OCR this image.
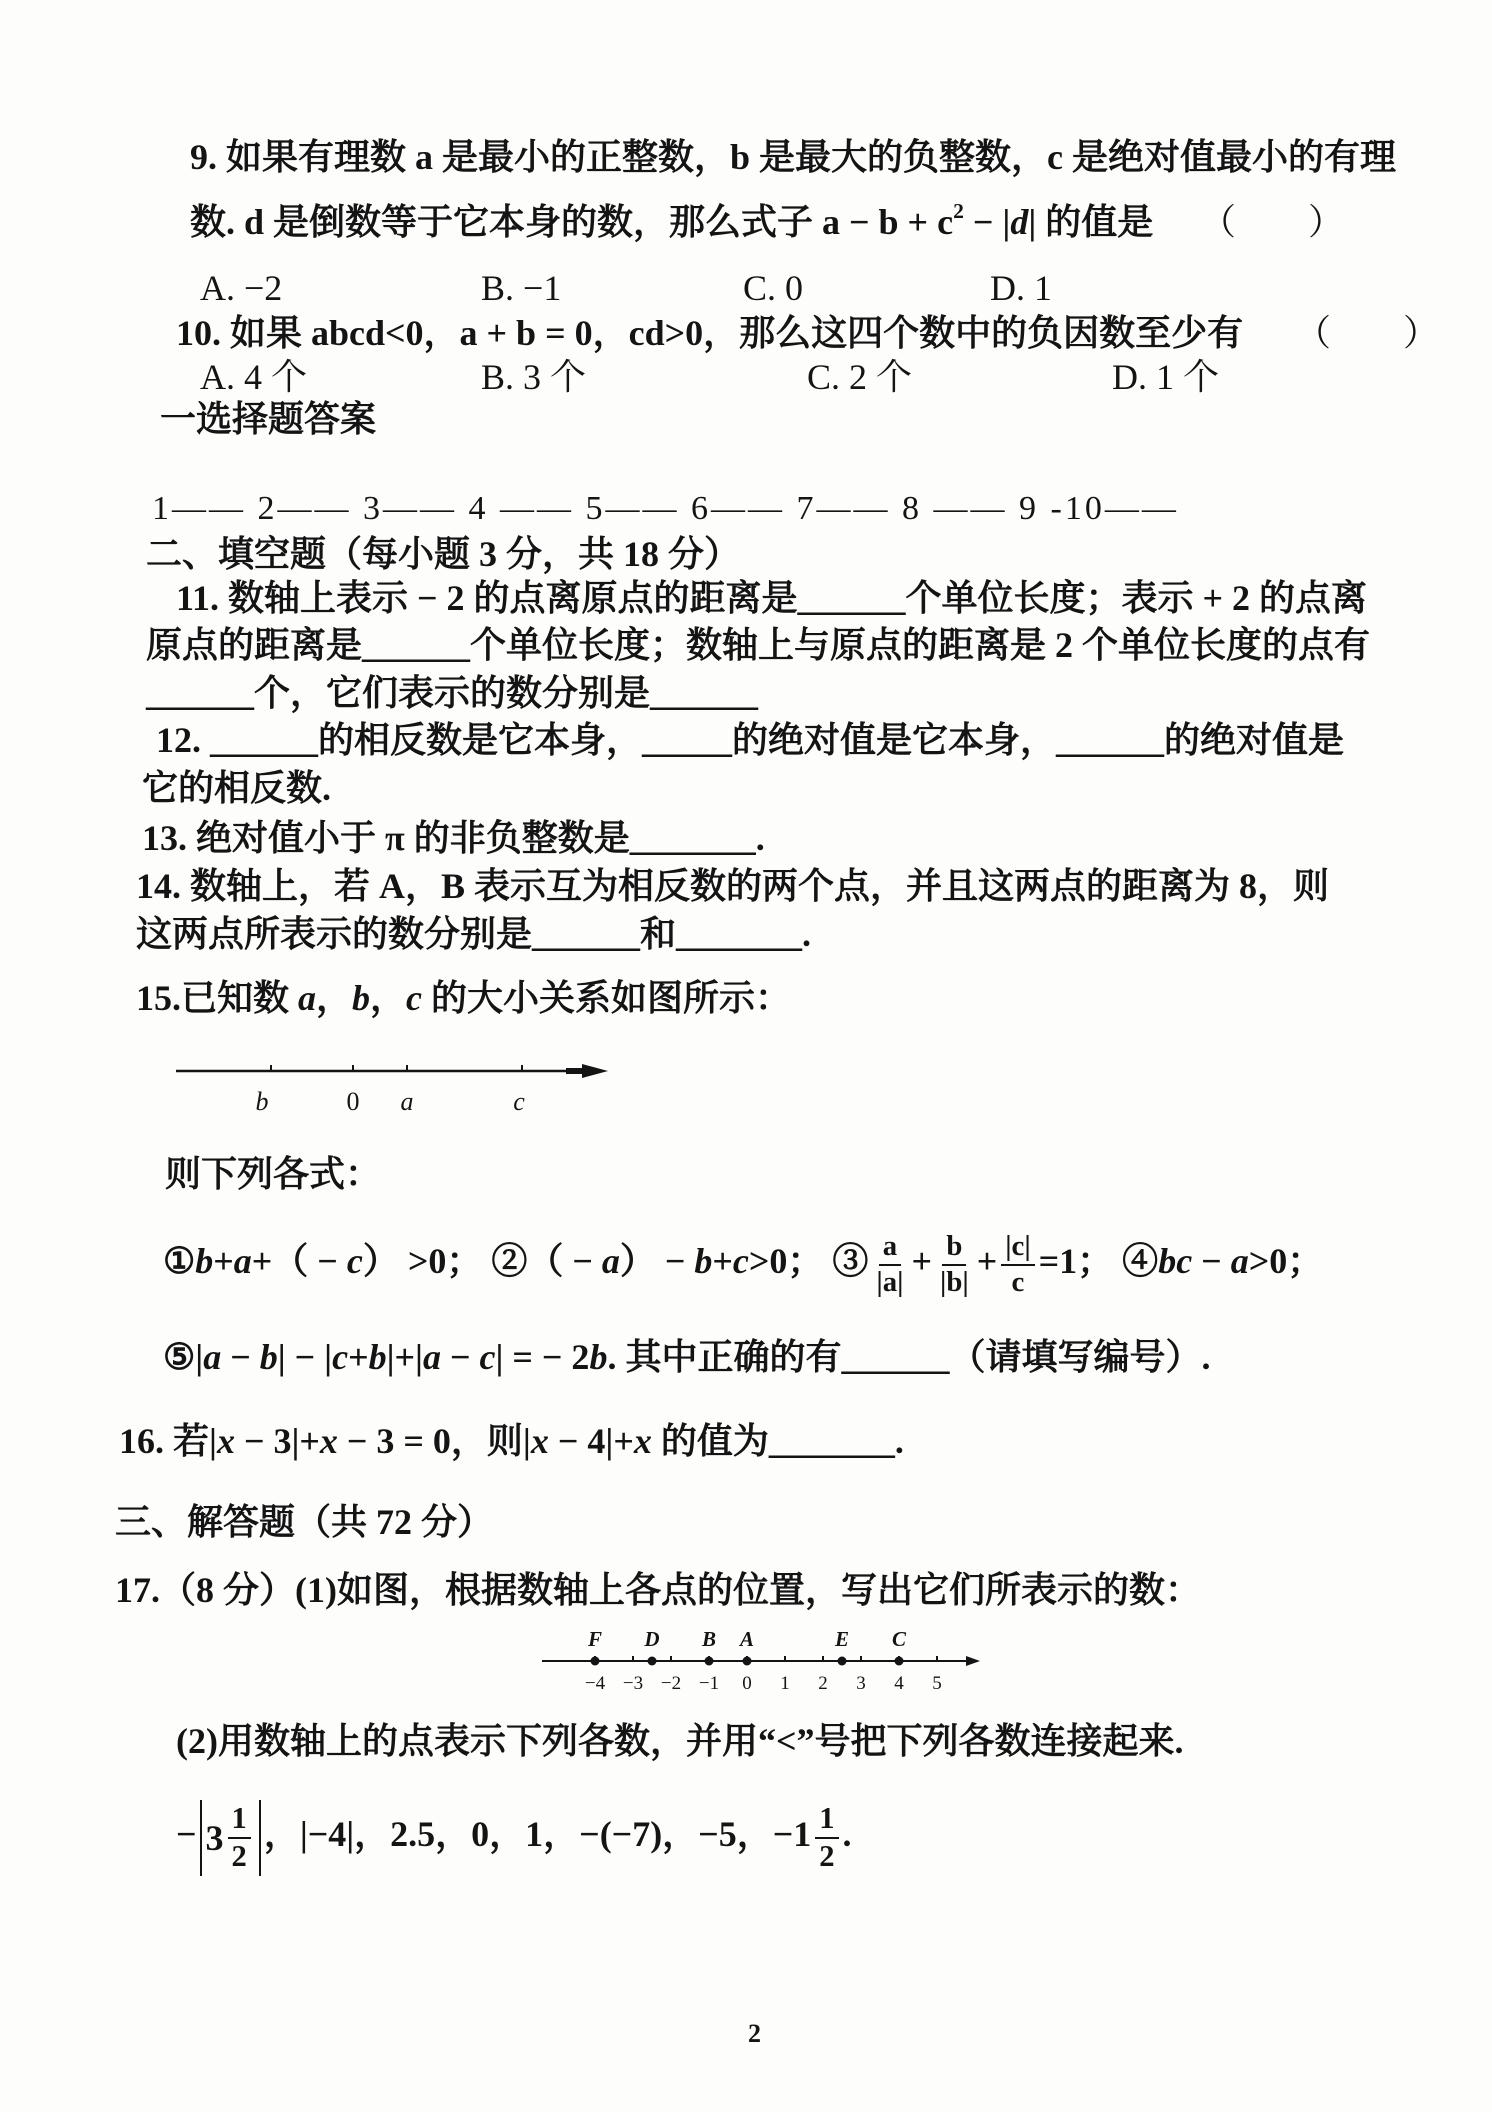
9. 如果有理数 a 是最小的正整数，b 是最大的负整数，c 是绝对值最小的有理
数. d 是倒数等于它本身的数，那么式子 $a - b + c^2 - |d|$ 的值是 （　　）
A. −2	B. −1	C. 0	D. 1
10. 如果 abcd<0，a + b = 0，cd>0，那么这四个数中的负因数至少有 （　　）
A. 4 个	B. 3 个	C. 2 个	D. 1 个
一选择题答案
1—— 2—— 3—— 4 —— 5—— 6—— 7—— 8 —— 9 -10——
二、填空题（每小题 3 分，共 18 分）
11. 数轴上表示 − 2 的点离原点的距离是______个单位长度；表示 + 2 的点离
原点的距离是______个单位长度；数轴上与原点的距离是 2 个单位长度的点有
______个，它们表示的数分别是______
12. ______的相反数是它本身，_____的绝对值是它本身，______的绝对值是
它的相反数.
13. 绝对值小于 π 的非负整数是_______.
14. 数轴上，若 A，B 表示互为相反数的两个点，并且这两点的距离为 8，则
这两点所表示的数分别是______和_______.
15.已知数 a，b，c 的大小关系如图所示：
b	0 a	c
则下列各式：
①b+a+（ − c） >0； ②（ − a） − b+c>0； ③ $\frac{a}{|a|} + \frac{b}{|b|} + \frac{|c|}{c} =1$； ④bc − a>0；
⑤|a − b| − |c+b|+|a − c| = − 2b. 其中正确的有______（请填写编号）.
16. 若|x − 3|+x − 3 = 0，则|x − 4|+x 的值为_______.
三、解答题（共 72 分）
17.（8 分）(1)如图，根据数轴上各点的位置，写出它们所表示的数：
−4 −3 −2 −1 0 1 2 3 4 5
F D B A	E C
(2)用数轴上的点表示下列各数，并用“<”号把下列各数连接起来.
− $3 \frac{1}{2}$ ，|−4|，2.5，0，1，−(−7)，−5，$-1 \frac{1}{2}$ .
2
